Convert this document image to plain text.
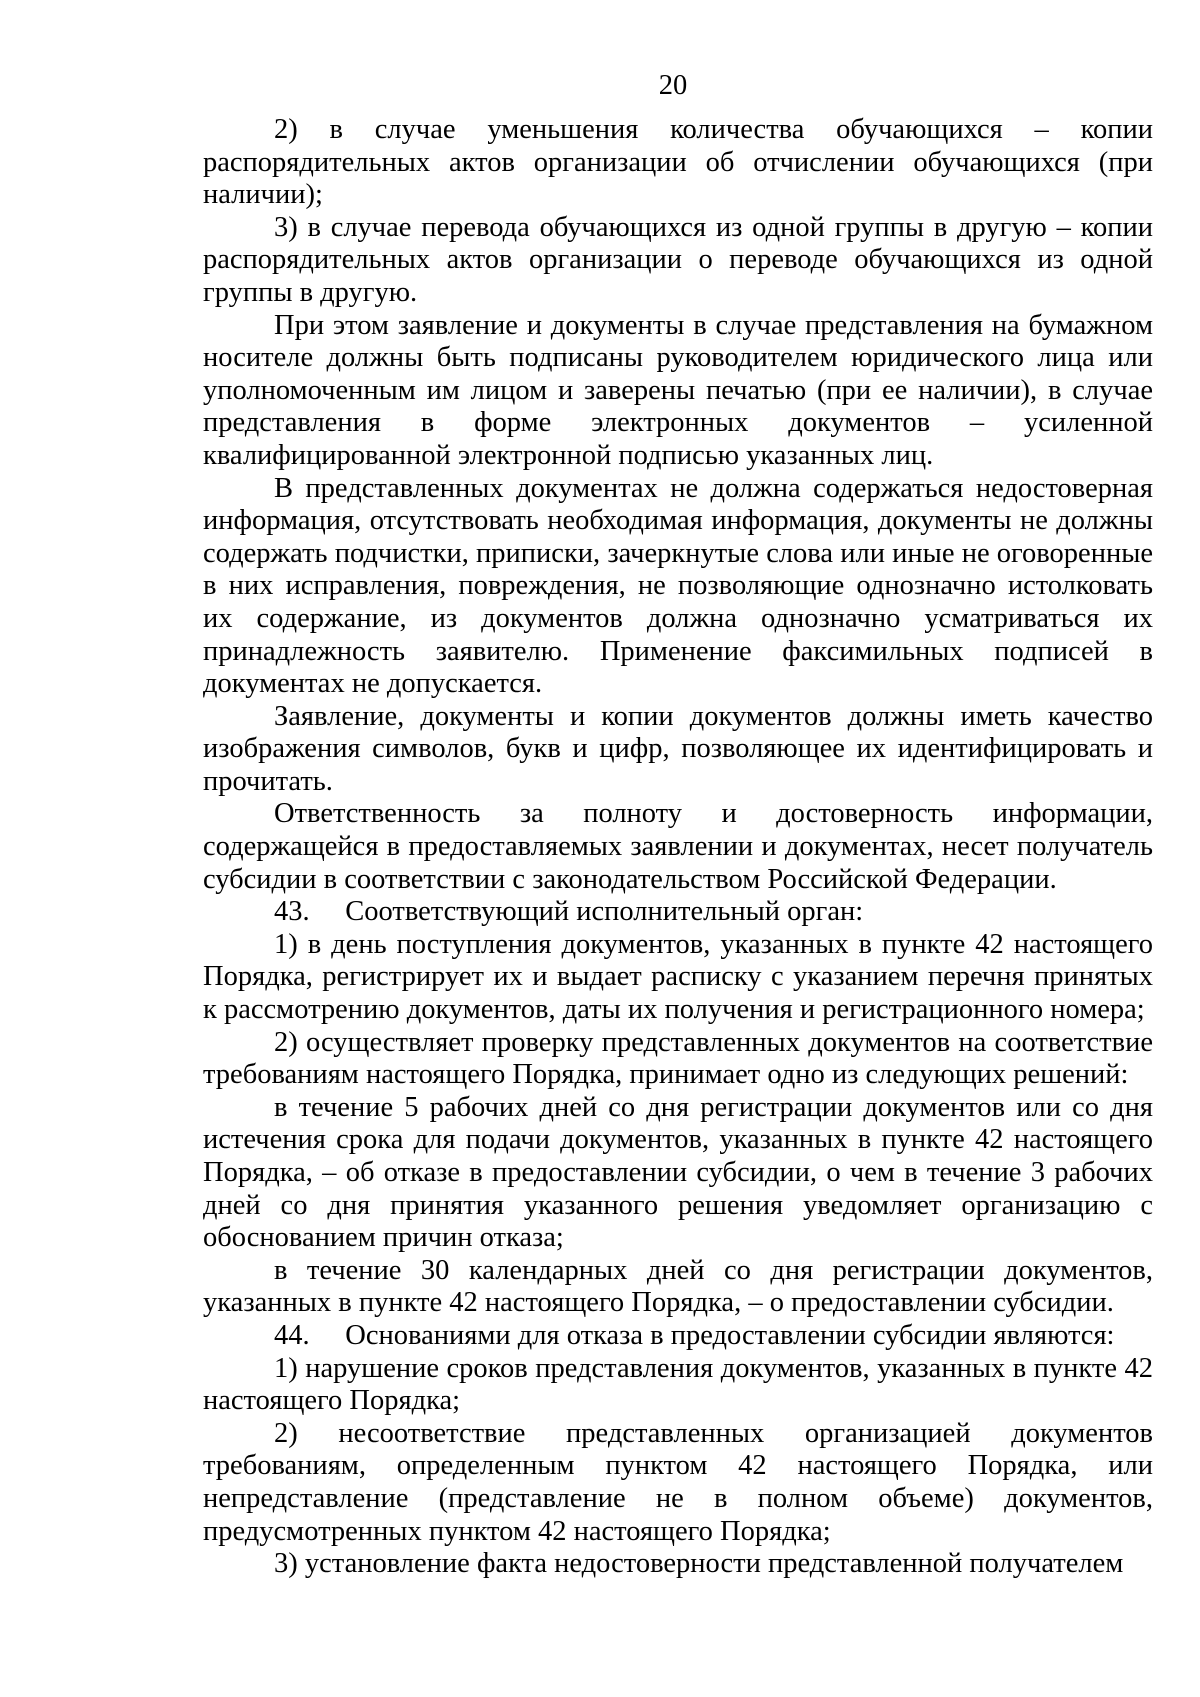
20

2) в случае уменьшения количества обучающихся – копии распорядительных актов организации об отчислении обучающихся (при наличии);

3) в случае перевода обучающихся из одной группы в другую – копии распорядительных актов организации о переводе обучающихся из одной группы в другую.

При этом заявление и документы в случае представления на бумажном носителе должны быть подписаны руководителем юридического лица или уполномоченным им лицом и заверены печатью (при ее наличии), в случае представления в форме электронных документов – усиленной квалифицированной электронной подписью указанных лиц.

В представленных документах не должна содержаться недостоверная информация, отсутствовать необходимая информация, документы не должны содержать подчистки, приписки, зачеркнутые слова или иные не оговоренные в них исправления, повреждения, не позволяющие однозначно истолковать их содержание, из документов должна однозначно усматриваться их принадлежность заявителю. Применение факсимильных подписей в документах не допускается.

Заявление, документы и копии документов должны иметь качество изображения символов, букв и цифр, позволяющее их идентифицировать и прочитать.

Ответственность за полноту и достоверность информации, содержащейся в предоставляемых заявлении и документах, несет получатель субсидии в соответствии с законодательством Российской Федерации.

43.     Соответствующий исполнительный орган:

1) в день поступления документов, указанных в пункте 42 настоящего Порядка, регистрирует их и выдает расписку с указанием перечня принятых к рассмотрению документов, даты их получения и регистрационного номера;

2) осуществляет проверку представленных документов на соответствие требованиям настоящего Порядка, принимает одно из следующих решений:

в течение 5 рабочих дней со дня регистрации документов или со дня истечения срока для подачи документов, указанных в пункте 42 настоящего Порядка, – об отказе в предоставлении субсидии, о чем в течение 3 рабочих дней со дня принятия указанного решения уведомляет организацию с обоснованием причин отказа;

в течение 30 календарных дней со дня регистрации документов, указанных в пункте 42 настоящего Порядка, – о предоставлении субсидии.

44.     Основаниями для отказа в предоставлении субсидии являются:

1) нарушение сроков представления документов, указанных в пункте 42 настоящего Порядка;

2) несоответствие представленных организацией документов требованиям, определенным пунктом 42 настоящего Порядка, или непредставление (представление не в полном объеме) документов, предусмотренных пунктом 42 настоящего Порядка;

3) установление факта недостоверности представленной получателем
